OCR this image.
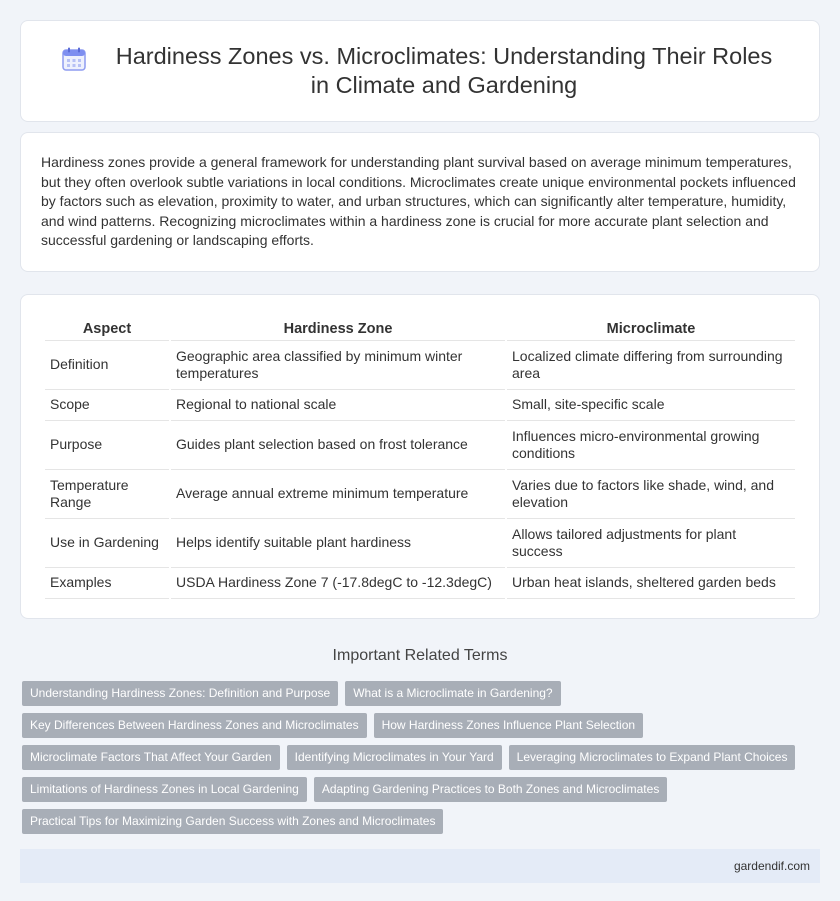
Hardiness Zones vs. Microclimates: Understanding Their Roles in Climate and Gardening
Hardiness zones provide a general framework for understanding plant survival based on average minimum temperatures, but they often overlook subtle variations in local conditions. Microclimates create unique environmental pockets influenced by factors such as elevation, proximity to water, and urban structures, which can significantly alter temperature, humidity, and wind patterns. Recognizing microclimates within a hardiness zone is crucial for more accurate plant selection and successful gardening or landscaping efforts.
Aspect	Hardiness Zone	Microclimate
Definition	Geographic area classified by minimum winter temperatures	Localized climate differing from surrounding area
Scope	Regional to national scale	Small, site-specific scale
Purpose	Guides plant selection based on frost tolerance	Influences micro-environmental growing conditions
Temperature Range	Average annual extreme minimum temperature	Varies due to factors like shade, wind, and elevation
Use in Gardening	Helps identify suitable plant hardiness	Allows tailored adjustments for plant success
Examples	USDA Hardiness Zone 7 (-17.8degC to -12.3degC)	Urban heat islands, sheltered garden beds
Important Related Terms
Understanding Hardiness Zones: Definition and Purpose	What is a Microclimate in Gardening?
Key Differences Between Hardiness Zones and Microclimates	How Hardiness Zones Influence Plant Selection
Microclimate Factors That Affect Your Garden	Identifying Microclimates in Your Yard	Leveraging Microclimates to Expand Plant Choices
Limitations of Hardiness Zones in Local Gardening	Adapting Gardening Practices to Both Zones and Microclimates
Practical Tips for Maximizing Garden Success with Zones and Microclimates
gardendif.com
